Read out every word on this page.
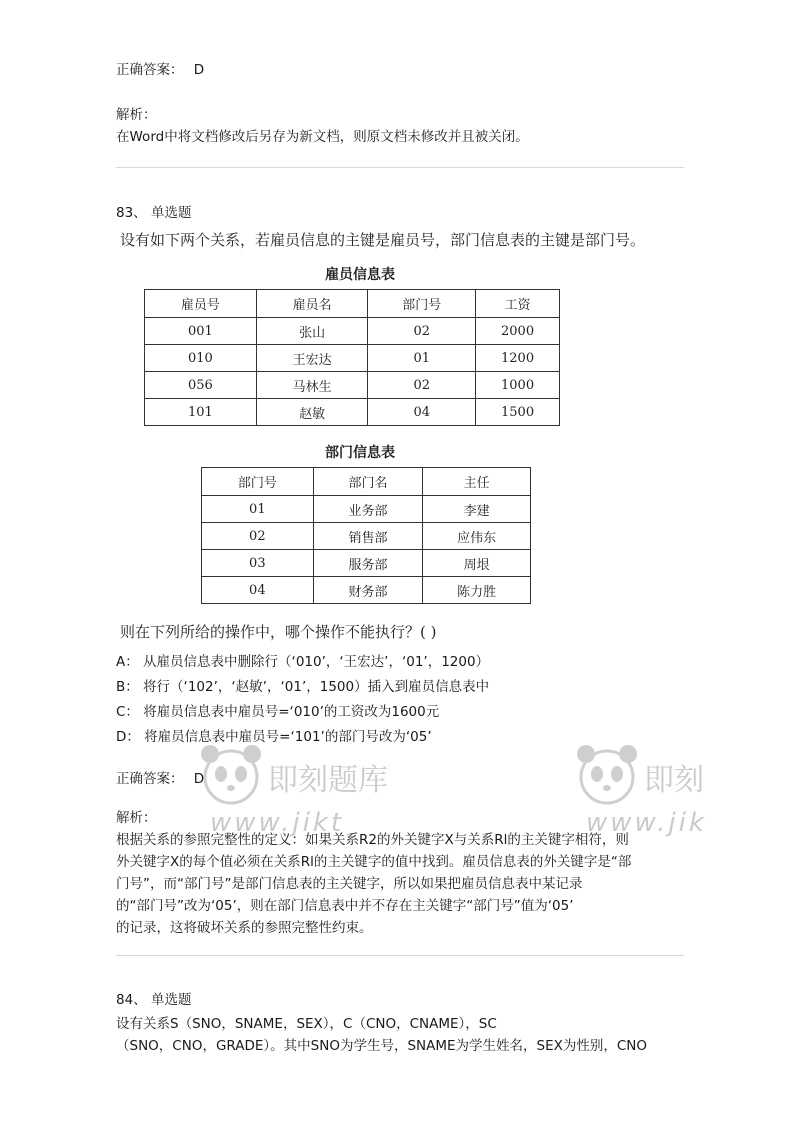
正确答案： D
解析：
在Word中将文档修改后另存为新文档，则原文档未修改并且被关闭。
83、 单选题
设有如下两个关系，若雇员信息的主键是雇员号，部门信息表的主键是部门号。
雇员信息表
雇员号	雇员名	部门号	工资
001	张山	02	2000
010	王宏达	01	1200
056	马林生	02	1000
101	赵敏	04	1500
部门信息表
部门号	部门名	主任
01	业务部	李建
02	销售部	应伟东
03	服务部	周垠
04	财务部	陈力胜
则在下列所给的操作中，哪个操作不能执行？( )
A： 从雇员信息表中删除行（‘010’，‘王宏达’，‘01’，1200）
B： 将行（‘102’，‘赵敏’，‘01’，1500）插入到雇员信息表中
C： 将雇员信息表中雇员号=‘010’的工资改为1600元
D： 将雇员信息表中雇员号=‘101’的部门号改为‘05’
正确答案： D
解析：
根据关系的参照完整性的定义：如果关系R2的外关键字X与关系Rl的主关键字相符，则
外关键字X的每个值必须在关系Rl的主关键字的值中找到。雇员信息表的外关键字是“部
门号”，而“部门号”是部门信息表的主关键字，所以如果把雇员信息表中某记录
的“部门号”改为‘05’，则在部门信息表中并不存在主关键字“部门号”值为‘05’
的记录，这将破坏关系的参照完整性约束。
84、 单选题
设有关系S（SNO，SNAME，SEX），C（CNO，CNAME），SC
（SNO，CNO，GRADE）。其中SNO为学生号，SNAME为学生姓名，SEX为性别，CNO
即刻题库
www.jikt
即刻
www.jik
